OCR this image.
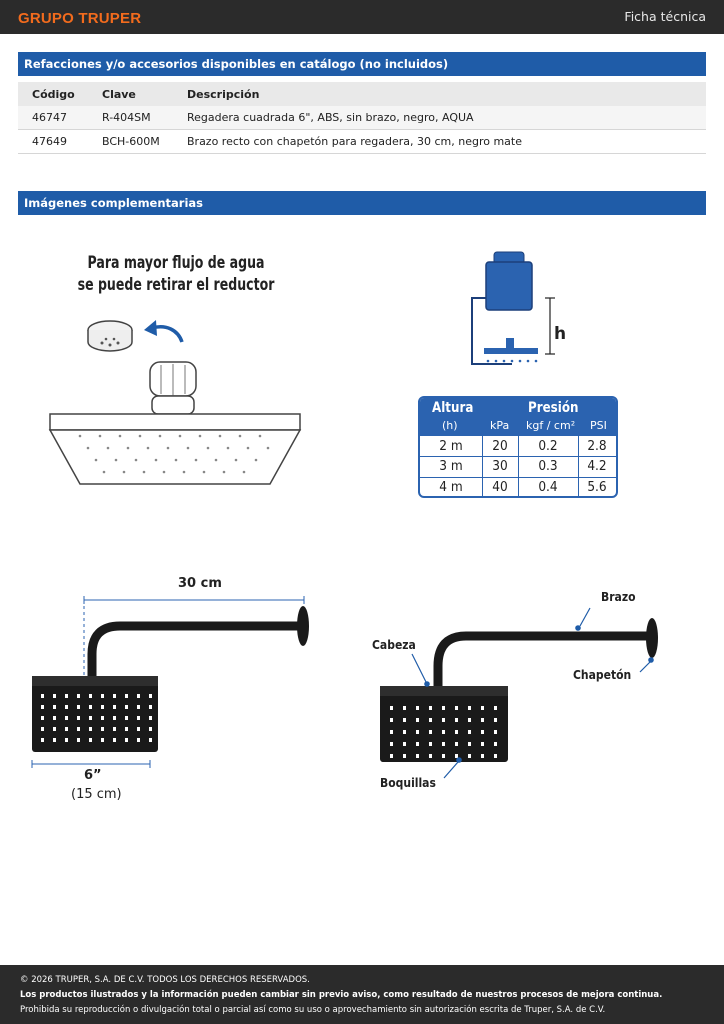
GRUPO TRUPER	Ficha técnica
Refacciones y/o accesorios disponibles en catálogo (no incluidos)
Código	Clave	Descripción
46747	R-404SM	Regadera cuadrada 6", ABS, sin brazo, negro, AQUA
47649	BCH-600M	Brazo recto con chapetón para regadera, 30 cm, negro mate
Imágenes complementarias
Para mayor flujo de agua
se puede retirar el reductor
h
Altura
(h)
Presión
kPa kgf / cm² PSI
2 m	20	0.2	2.8
3 m	30	0.3	4.2
4 m	40	0.4	5.6
30 cm
6”
(15 cm)
Brazo
Cabeza
Chapetón
Boquillas
© 2026 TRUPER, S.A. DE C.V. TODOS LOS DERECHOS RESERVADOS.
Los productos ilustrados y la información pueden cambiar sin previo aviso, como resultado de nuestros procesos de mejora continua.
Prohibida su reproducción o divulgación total o parcial así como su uso o aprovechamiento sin autorización escrita de Truper, S.A. de C.V.
